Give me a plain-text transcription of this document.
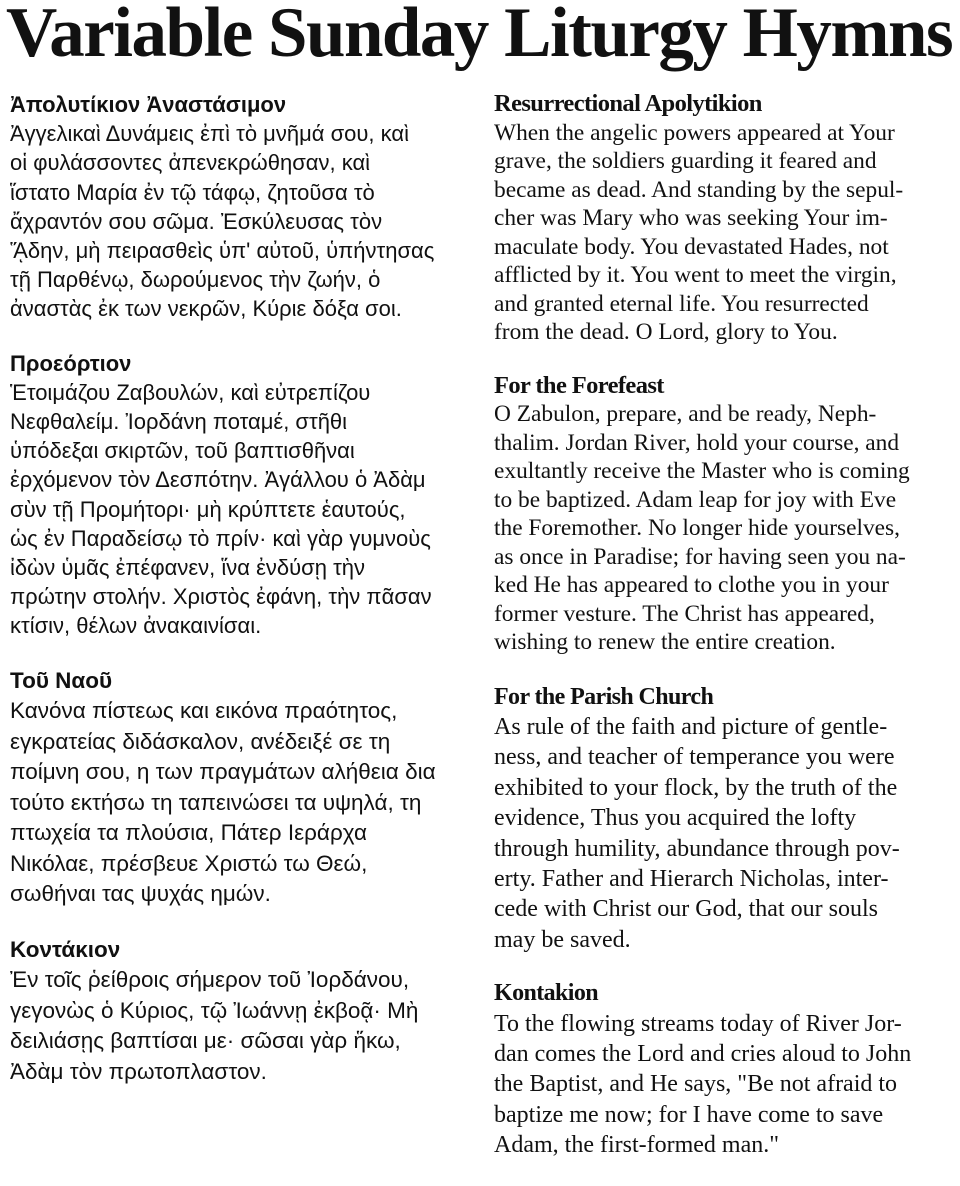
Variable Sunday Liturgy Hymns
Ἀπολυτίκιον Ἀναστάσιμον
Ἀγγελικαὶ Δυνάμεις ἐπὶ τὸ μνῆμά σου, καὶ
οἱ φυλάσσοντες ἀπενεκρώθησαν, καὶ
ἵστατο Μαρία ἐν τῷ τάφῳ, ζητοῦσα τὸ
ἄχραντόν σου σῶμα. Ἐσκύλευσας τὸν
ᾍδην, μὴ πειρασθεὶς ὑπ' αὐτοῦ, ὑπήντησας
τῇ Παρθένῳ, δωρούμενος τὴν ζωήν, ὁ
ἀναστὰς ἐκ των νεκρῶν, Κύριε δόξα σοι.
Προεόρτιον
Ἑτοιμάζου Ζαβουλών, καὶ εὐτρεπίζου
Νεφθαλείμ. Ἰορδάνη ποταμέ, στῆθι
ὑπόδεξαι σκιρτῶν, τοῦ βαπτισθῆναι
ἐρχόμενον τὸν Δεσπότην. Ἀγάλλου ὁ Ἀδὰμ
σὺν τῇ Προμήτορι· μὴ κρύπτετε ἑαυτούς,
ὡς ἐν Παραδείσῳ τὸ πρίν· καὶ γὰρ γυμνοὺς
ἰδὼν ὑμᾶς ἐπέφανεν, ἵνα ἐνδύσῃ τὴν
πρώτην στολήν. Χριστὸς ἐφάνη, τὴν πᾶσαν
κτίσιν, θέλων ἀνακαινίσαι.
Τοῦ Ναοῦ
Κανόνα πίστεως και εικόνα πραότητος,
εγκρατείας διδάσκαλον, ανέδειξέ σε τη
ποίμνη σου, η των πραγμάτων αλήθεια δια
τούτο εκτήσω τη ταπεινώσει τα υψηλά, τη
πτωχεία τα πλούσια, Πάτερ Ιεράρχα
Νικόλαε, πρέσβευε Χριστώ τω Θεώ,
σωθήναι τας ψυχάς ημών.
Κοντάκιον
Ἐν τοῖς ῥείθροις σήμερον τοῦ Ἰορδάνου,
γεγονὼς ὁ Κύριος, τῷ Ἰωάννῃ ἐκβοᾷ· Μὴ
δειλιάσῃς βαπτίσαι με· σῶσαι γὰρ ἥκω,
Ἀδὰμ τὸν πρωτοπλαστον.
Resurrectional Apolytikion
When the angelic powers appeared at Your
grave, the soldiers guarding it feared and
became as dead. And standing by the sepul-
cher was Mary who was seeking Your im-
maculate body. You devastated Hades, not
afflicted by it. You went to meet the virgin,
and granted eternal life. You resurrected
from the dead. O Lord, glory to You.
For the Forefeast
O Zabulon, prepare, and be ready, Neph-
thalim. Jordan River, hold your course, and
exultantly receive the Master who is coming
to be baptized. Adam leap for joy with Eve
the Foremother. No longer hide yourselves,
as once in Paradise; for having seen you na-
ked He has appeared to clothe you in your
former vesture. The Christ has appeared,
wishing to renew the entire creation.
For the Parish Church
As rule of the faith and picture of gentle-
ness, and teacher of temperance you were
exhibited to your flock, by the truth of the
evidence, Thus you acquired the lofty
through humility, abundance through pov-
erty. Father and Hierarch Nicholas, inter-
cede with Christ our God, that our souls
may be saved.
Kontakion
To the flowing streams today of River Jor-
dan comes the Lord and cries aloud to John
the Baptist, and He says, "Be not afraid to
baptize me now; for I have come to save
Adam, the first-formed man."
